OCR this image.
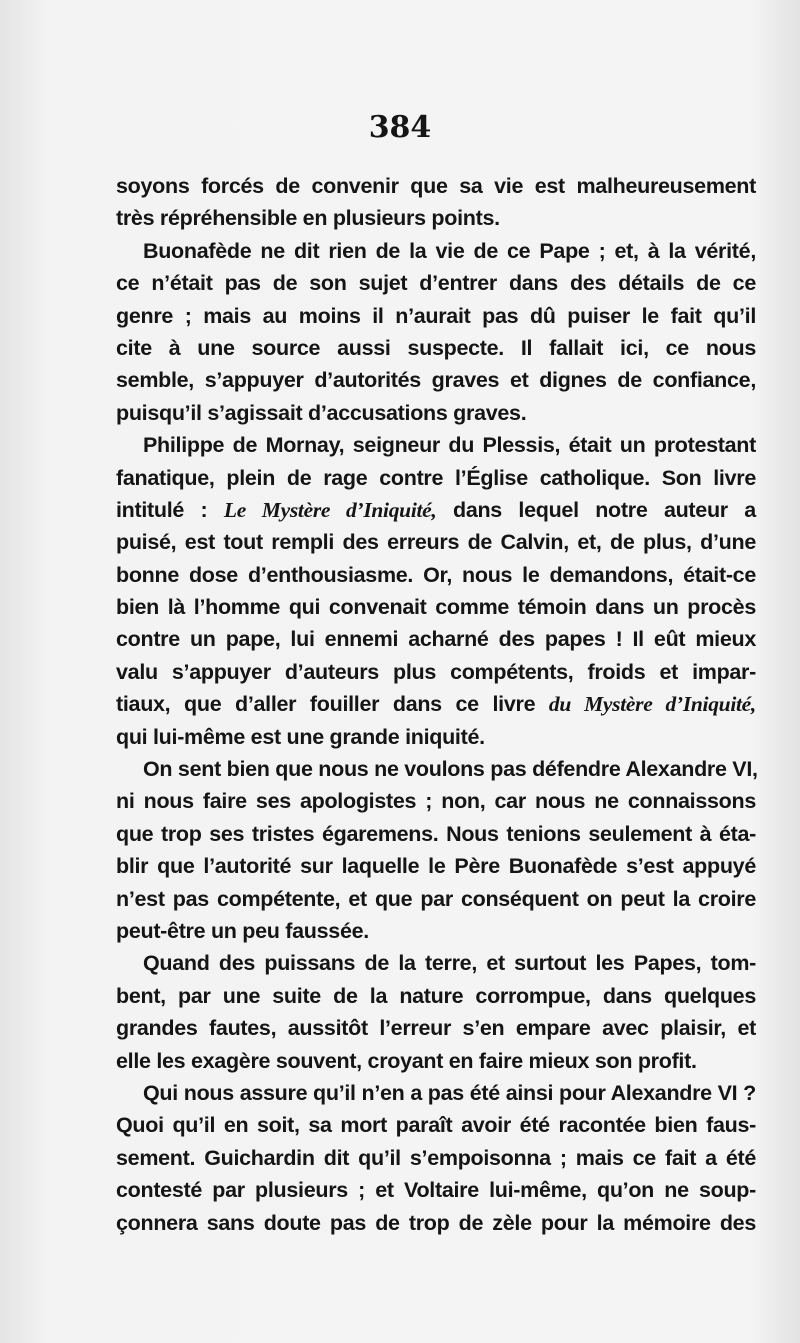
384
soyons forcés de convenir que sa vie est malheureusement
très répréhensible en plusieurs points.
Buonafède ne dit rien de la vie de ce Pape ; et, à la vérité,
ce n’était pas de son sujet d’entrer dans des détails de ce
genre ; mais au moins il n’aurait pas dû puiser le fait qu’il
cite à une source aussi suspecte. Il fallait ici, ce nous
semble, s’appuyer d’autorités graves et dignes de confiance,
puisqu’il s’agissait d’accusations graves.
Philippe de Mornay, seigneur du Plessis, était un protestant
fanatique, plein de rage contre l’Église catholique. Son livre
intitulé : Le Mystère d’Iniquité, dans lequel notre auteur a
puisé, est tout rempli des erreurs de Calvin, et, de plus, d’une
bonne dose d’enthousiasme. Or, nous le demandons, était-ce
bien là l’homme qui convenait comme témoin dans un procès
contre un pape, lui ennemi acharné des papes ! Il eût mieux
valu s’appuyer d’auteurs plus compétents, froids et impar-
tiaux, que d’aller fouiller dans ce livre du Mystère d’Iniquité,
qui lui-même est une grande iniquité.
On sent bien que nous ne voulons pas défendre Alexandre VI,
ni nous faire ses apologistes ; non, car nous ne connaissons
que trop ses tristes égaremens. Nous tenions seulement à éta-
blir que l’autorité sur laquelle le Père Buonafède s’est appuyé
n’est pas compétente, et que par conséquent on peut la croire
peut-être un peu faussée.
Quand des puissans de la terre, et surtout les Papes, tom-
bent, par une suite de la nature corrompue, dans quelques
grandes fautes, aussitôt l’erreur s’en empare avec plaisir, et
elle les exagère souvent, croyant en faire mieux son profit.
Qui nous assure qu’il n’en a pas été ainsi pour Alexandre VI ?
Quoi qu’il en soit, sa mort paraît avoir été racontée bien faus-
sement. Guichardin dit qu’il s’empoisonna ; mais ce fait a été
contesté par plusieurs ; et Voltaire lui-même, qu’on ne soup-
çonnera sans doute pas de trop de zèle pour la mémoire des
